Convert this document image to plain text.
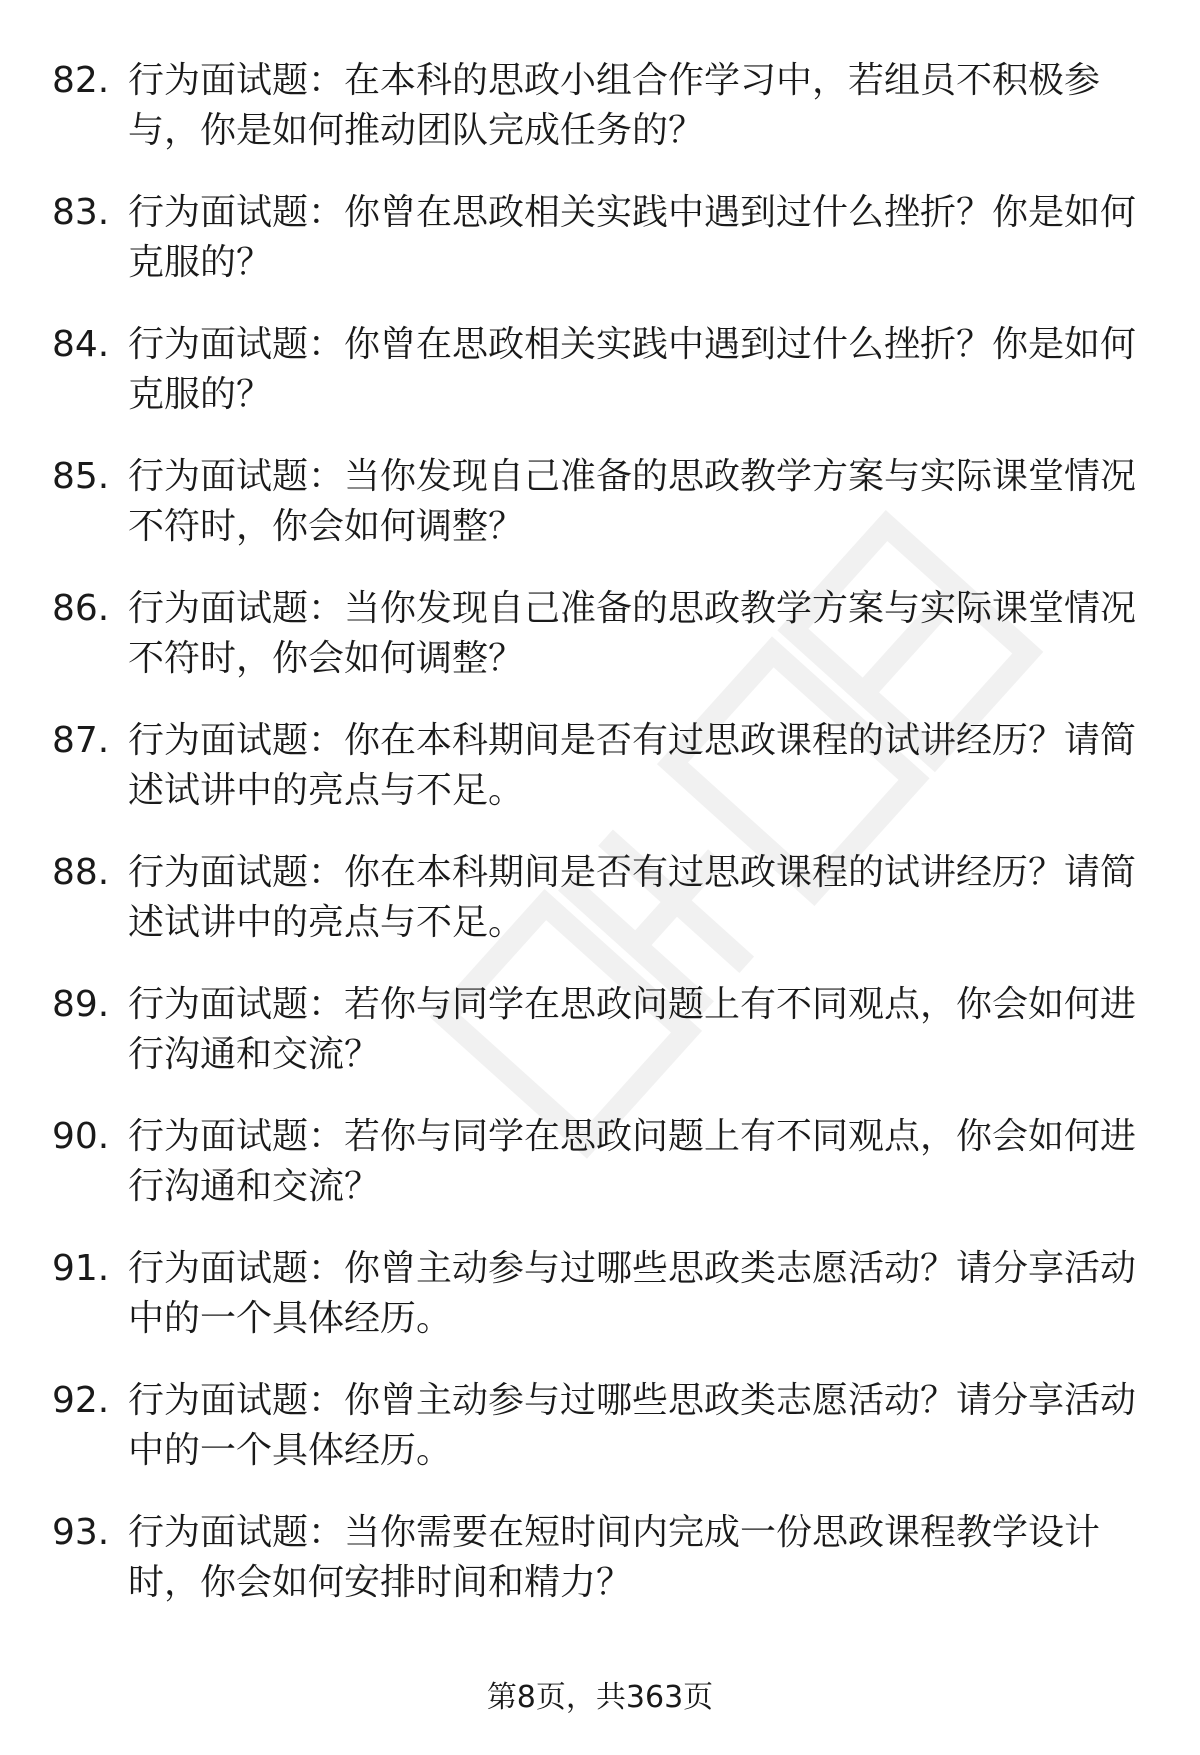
82. 行为面试题：在本科的思政小组合作学习中，若组员不积极参与，你是如何推动团队完成任务的？
83. 行为面试题：你曾在思政相关实践中遇到过什么挫折？你是如何克服的？
84. 行为面试题：你曾在思政相关实践中遇到过什么挫折？你是如何克服的？
85. 行为面试题：当你发现自己准备的思政教学方案与实际课堂情况不符时，你会如何调整？
86. 行为面试题：当你发现自己准备的思政教学方案与实际课堂情况不符时，你会如何调整？
87. 行为面试题：你在本科期间是否有过思政课程的试讲经历？请简述试讲中的亮点与不足。
88. 行为面试题：你在本科期间是否有过思政课程的试讲经历？请简述试讲中的亮点与不足。
89. 行为面试题：若你与同学在思政问题上有不同观点，你会如何进行沟通和交流？
90. 行为面试题：若你与同学在思政问题上有不同观点，你会如何进行沟通和交流？
91. 行为面试题：你曾主动参与过哪些思政类志愿活动？请分享活动中的一个具体经历。
92. 行为面试题：你曾主动参与过哪些思政类志愿活动？请分享活动中的一个具体经历。
93. 行为面试题：当你需要在短时间内完成一份思政课程教学设计时，你会如何安排时间和精力？
第8页，共363页
